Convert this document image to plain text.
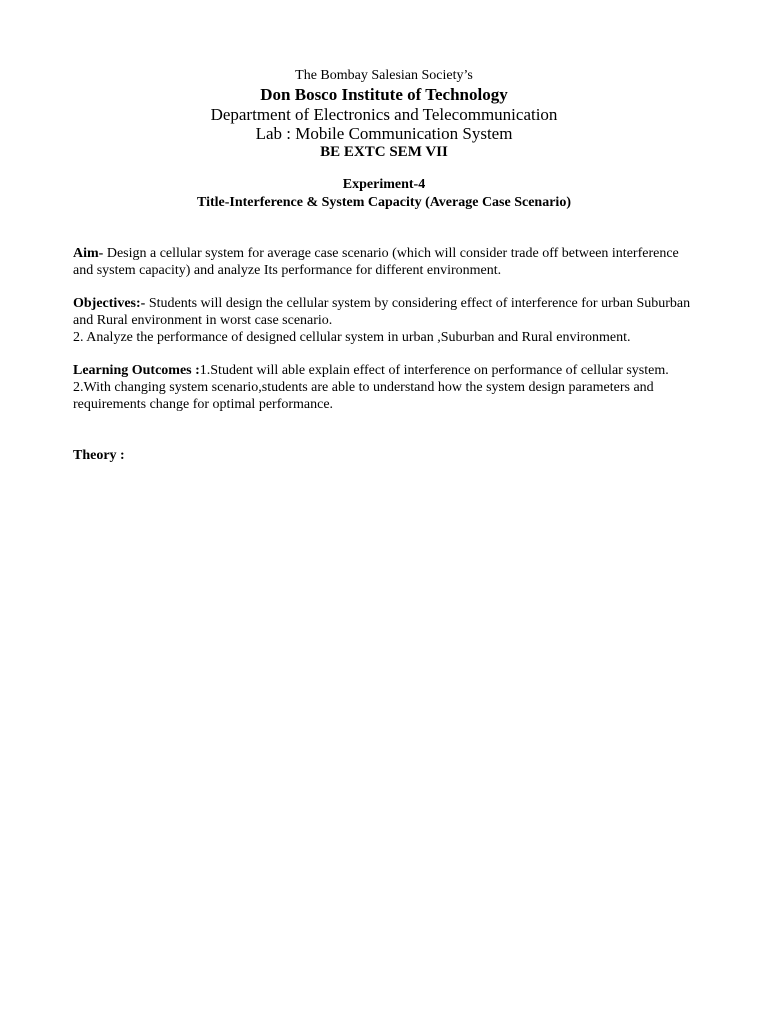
The Bombay Salesian Society’s
Don Bosco Institute of Technology
Department of Electronics and Telecommunication
Lab : Mobile Communication System
BE EXTC SEM VII
Experiment-4
Title-Interference & System Capacity (Average Case Scenario)

Aim- Design a cellular system for average case scenario (which will consider trade off between interference and system capacity) and analyze Its performance for different environment.

Objectives:- Students will design the cellular system by considering effect of interference for urban Suburban and Rural environment in worst case scenario.

2. Analyze the performance of designed cellular system in urban ,Suburban and Rural environment.

Learning Outcomes :1.Student will able explain effect of interference on performance of cellular system.

2.With changing system scenario,students are able to understand how the system design parameters and requirements change for optimal performance.

Theory :
